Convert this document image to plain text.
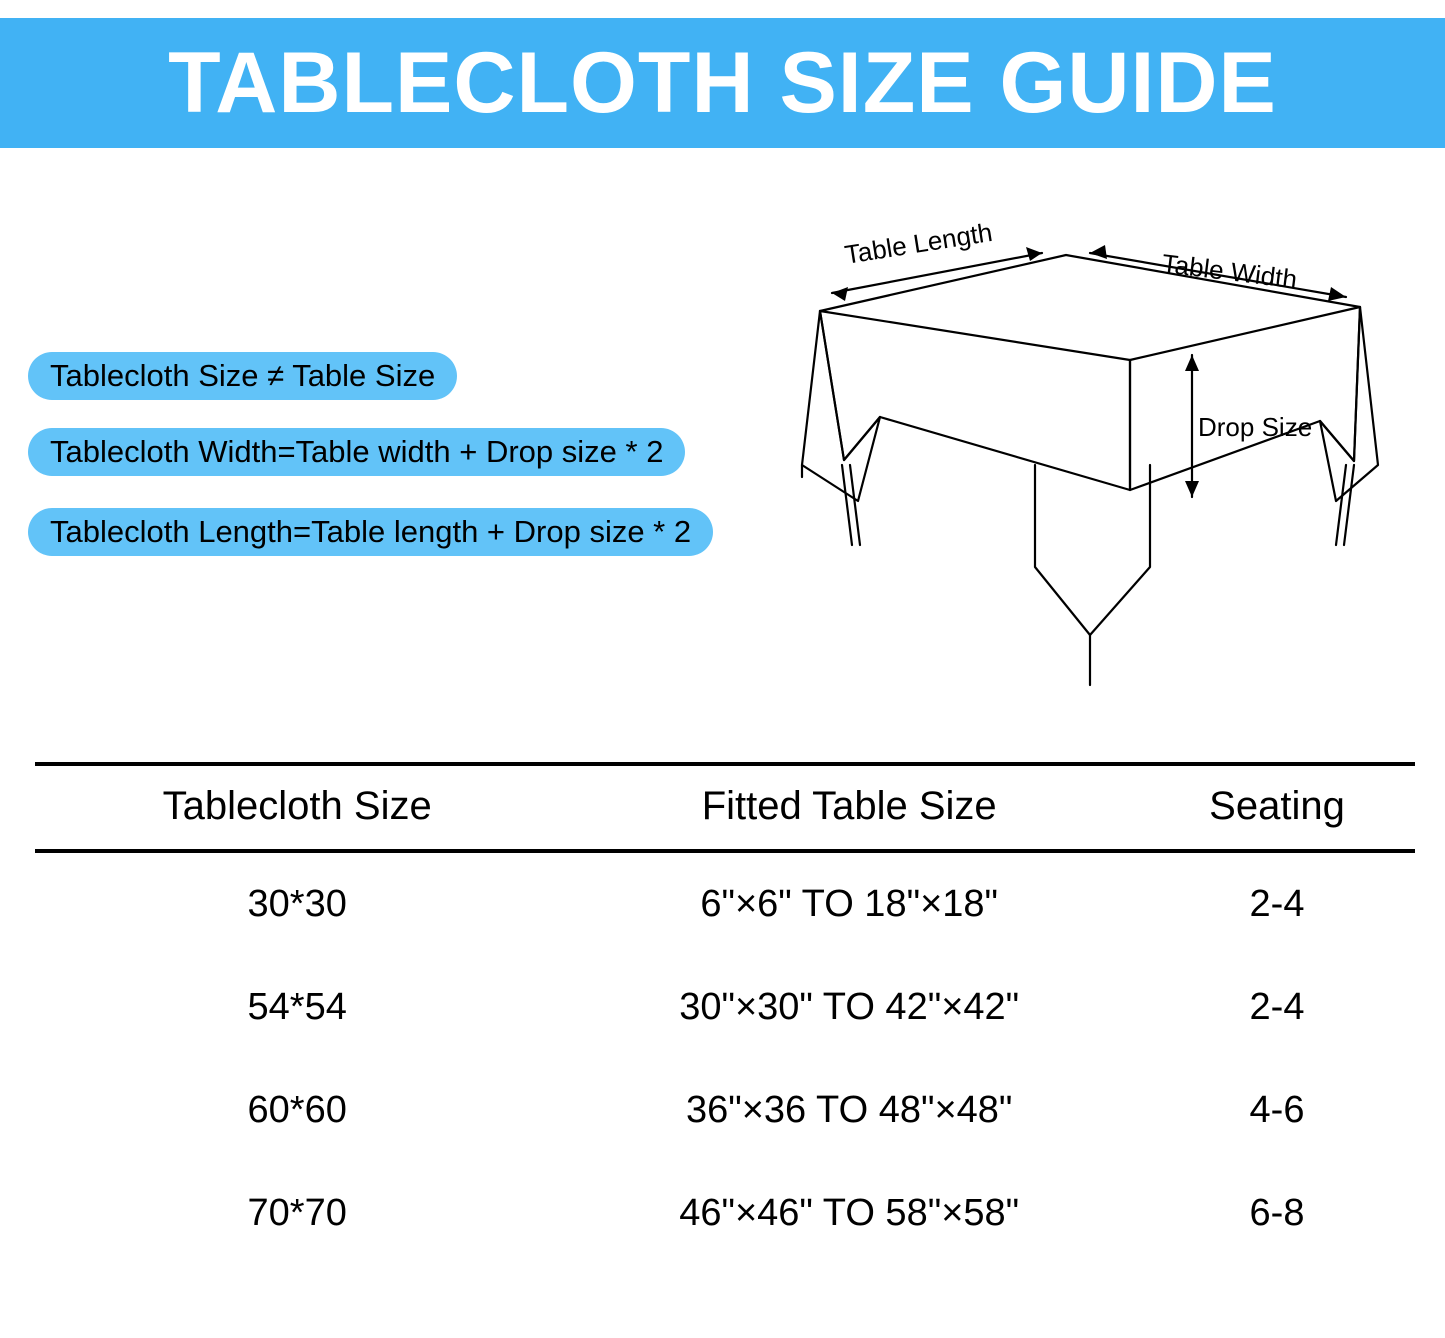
TABLECLOTH SIZE GUIDE
Tablecloth Size ≠ Table Size
Tablecloth Width=Table width + Drop size * 2
Tablecloth Length=Table length + Drop size * 2
Table Length
Table Width
Drop Size
Tablecloth Size	Fitted Table Size	Seating
30*30	6"×6" TO 18"×18"	2-4
54*54	30"×30" TO 42"×42"	2-4
60*60	36"×36 TO 48"×48"	4-6
70*70	46"×46" TO 58"×58"	6-8
